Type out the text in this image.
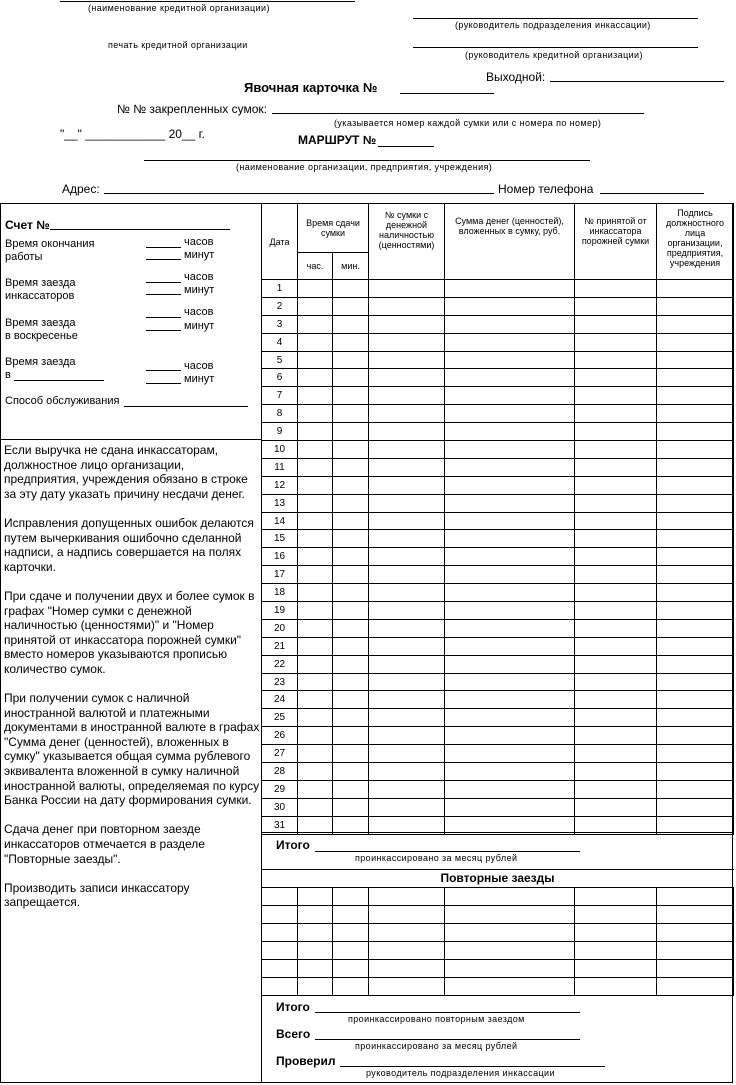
(наименование кредитной организации)
(руководитель подразделения инкассации)
печать кредитной организации
(руководитель кредитной организации)
Выходной:
Явочная карточка №
№ № закрепленных сумок:
(указывается номер каждой сумки или с номера по номер)
"__" ____________ 20__ г.	МАРШРУТ №
(наименование организации, предприятия, учреждения)
Адрес:	Номер телефона
Счет №
Время окончания
работы
часов
минут
Время заезда
инкассаторов
часов
минут
Время заезда
в воскресенье
часов
минут
Время заезда
в
часов
минут
Способ обслуживания

Если выручка не сдана инкассаторам, должностное лицо организации, предприятия, учреждения обязано в строке за эту дату указать причину несдачи денег.

Исправления допущенных ошибок делаются путем вычеркивания ошибочно сделанной надписи, а надпись совершается на полях карточки.

При сдаче и получении двух и более сумок в графах "Номер сумки с денежной наличностью (ценностями)" и "Номер принятой от инкассатора порожней сумки" вместо номеров указываются прописью количество сумок.

При получении сумок с наличной иностранной валютой и платежными документами в иностранной валюте в графах "Сумма денег (ценностей), вложенных в сумку" указывается общая сумма рублевого эквивалента вложенной в сумку наличной иностранной валюты, определяемая по курсу Банка России на дату формирования сумки.

Сдача денег при повторном заезде инкассаторов отмечается в разделе "Повторные заезды".

Производить записи инкассатору запрещается.

Дата	Время сдачи сумки		№ сумки с денежной наличностью (ценностями)	Сумма денег (ценностей), вложенных в сумку, руб.	№ принятой от инкассатора порожней сумки	Подпись должностного лица организации, предприятия, учреждения

	час.	мин.				

1						
2						
3						
4						
5						
6						
7						
8						
9						
10						
11						
12						
13						
14						
15						
16						
17						
18						
19						
20						
21						
22						
23						
24						
25						
26						
27						
28						
29						
30						
31						
Итого
проинкассировано за месяц рублей
Повторные заезды

Итого
проинкассировано повторным заездом
Всего
проинкассировано за месяц рублей
Проверил
руководитель подразделения инкассации
